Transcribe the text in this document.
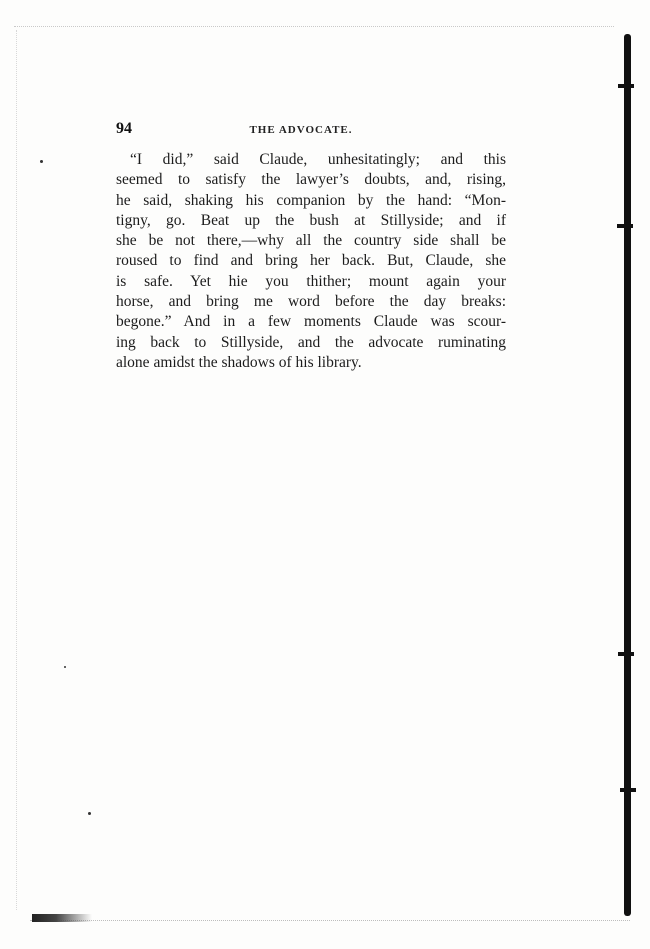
94	THE ADVOCATE.
“I did,” said Claude, unhesitatingly; and this
seemed to satisfy the lawyer’s doubts, and, rising,
he said, shaking his companion by the hand: “Mon-
tigny, go. Beat up the bush at Stillyside; and if
she be not there,—why all the country side shall be
roused to find and bring her back. But, Claude, she
is safe. Yet hie you thither; mount again your
horse, and bring me word before the day breaks:
begone.” And in a few moments Claude was scour-
ing back to Stillyside, and the advocate ruminating
alone amidst the shadows of his library.
